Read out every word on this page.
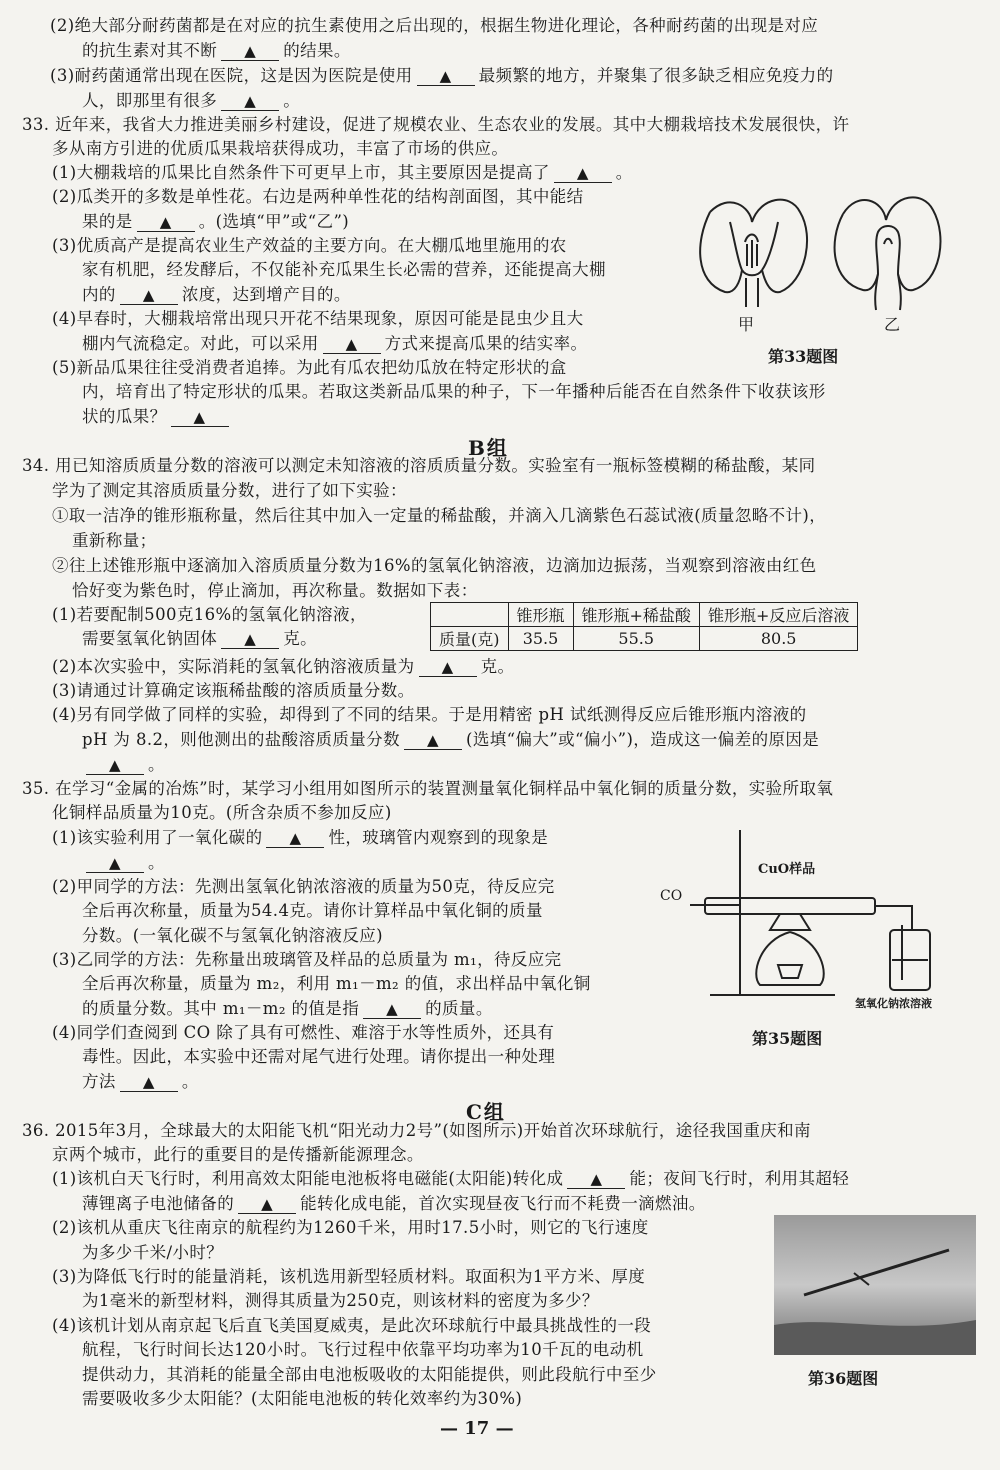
(2)绝大部分耐药菌都是在对应的抗生素使用之后出现的，根据生物进化理论，各种耐药菌的出现是对应
的抗生素对其不断 ▲ 的结果。
(3)耐药菌通常出现在医院，这是因为医院是使用 ▲ 最频繁的地方，并聚集了很多缺乏相应免疫力的
人，即那里有很多 ▲ 。
33. 近年来，我省大力推进美丽乡村建设，促进了规模农业、生态农业的发展。其中大棚栽培技术发展很快，许
多从南方引进的优质瓜果栽培获得成功，丰富了市场的供应。
(1)大棚栽培的瓜果比自然条件下可更早上市，其主要原因是提高了 ▲ 。
(2)瓜类开的多数是单性花。右边是两种单性花的结构剖面图，其中能结
果的是 ▲ 。(选填“甲”或“乙”)
(3)优质高产是提高农业生产效益的主要方向。在大棚瓜地里施用的农
家有机肥，经发酵后，不仅能补充瓜果生长必需的营养，还能提高大棚
内的 ▲ 浓度，达到增产目的。
(4)早春时，大棚栽培常出现只开花不结果现象，原因可能是昆虫少且大
棚内气流稳定。对此，可以采用 ▲ 方式来提高瓜果的结实率。
(5)新品瓜果往往受消费者追捧。为此有瓜农把幼瓜放在特定形状的盒
内，培育出了特定形状的瓜果。若取这类新品瓜果的种子，下一年播种后能否在自然条件下收获该形
状的瓜果？ ▲
34. 用已知溶质质量分数的溶液可以测定未知溶液的溶质质量分数。实验室有一瓶标签模糊的稀盐酸，某同
学为了测定其溶质质量分数，进行了如下实验：
①取一洁净的锥形瓶称量，然后往其中加入一定量的稀盐酸，并滴入几滴紫色石蕊试液(质量忽略不计)，
重新称量；
②往上述锥形瓶中逐滴加入溶质质量分数为16%的氢氧化钠溶液，边滴加边振荡，当观察到溶液由红色
恰好变为紫色时，停止滴加，再次称量。数据如下表：
(1)若要配制500克16%的氢氧化钠溶液，
需要氢氧化钠固体 ▲ 克。
(2)本次实验中，实际消耗的氢氧化钠溶液质量为 ▲ 克。
(3)请通过计算确定该瓶稀盐酸的溶质质量分数。
(4)另有同学做了同样的实验，却得到了不同的结果。于是用精密 pH 试纸测得反应后锥形瓶内溶液的
pH 为 8.2，则他测出的盐酸溶质质量分数 ▲ (选填“偏大”或“偏小”)，造成这一偏差的原因是
▲ 。
35. 在学习“金属的冶炼”时，某学习小组用如图所示的装置测量氧化铜样品中氧化铜的质量分数，实验所取氧
化铜样品质量为10克。(所含杂质不参加反应)
(1)该实验利用了一氧化碳的 ▲ 性，玻璃管内观察到的现象是
▲ 。
(2)甲同学的方法：先测出氢氧化钠浓溶液的质量为50克，待反应完
全后再次称量，质量为54.4克。请你计算样品中氧化铜的质量
分数。(一氧化碳不与氢氧化钠溶液反应)
(3)乙同学的方法：先称量出玻璃管及样品的总质量为 m₁，待反应完
全后再次称量，质量为 m₂，利用 m₁－m₂ 的值，求出样品中氧化铜
的质量分数。其中 m₁－m₂ 的值是指 ▲ 的质量。
(4)同学们查阅到 CO 除了具有可燃性、难溶于水等性质外，还具有
毒性。因此，本实验中还需对尾气进行处理。请你提出一种处理
方法 ▲ 。
36. 2015年3月，全球最大的太阳能飞机“阳光动力2号”(如图所示)开始首次环球航行，途径我国重庆和南
京两个城市，此行的重要目的是传播新能源理念。
(1)该机白天飞行时，利用高效太阳能电池板将电磁能(太阳能)转化成 ▲ 能；夜间飞行时，利用其超轻
薄锂离子电池储备的 ▲ 能转化成电能，首次实现昼夜飞行而不耗费一滴燃油。
(2)该机从重庆飞往南京的航程约为1260千米，用时17.5小时，则它的飞行速度
为多少千米/小时？
(3)为降低飞行时的能量消耗，该机选用新型轻质材料。取面积为1平方米、厚度
为1毫米的新型材料，测得其质量为250克，则该材料的密度为多少？
(4)该机计划从南京起飞后直飞美国夏威夷，是此次环球航行中最具挑战性的一段
航程，飞行时间长达120小时。飞行过程中依靠平均功率为10千瓦的电动机
提供动力，其消耗的能量全部由电池板吸收的太阳能提供，则此段航行中至少
需要吸收多少太阳能？(太阳能电池板的转化效率约为30%)
B组
C组
	锥形瓶	锥形瓶+稀盐酸	锥形瓶+反应后溶液
质量(克)	35.5	55.5	80.5
甲	乙
第33题图
CuO样品
CO
氢氧化钠浓溶液
第35题图
第36题图
— 17 —
